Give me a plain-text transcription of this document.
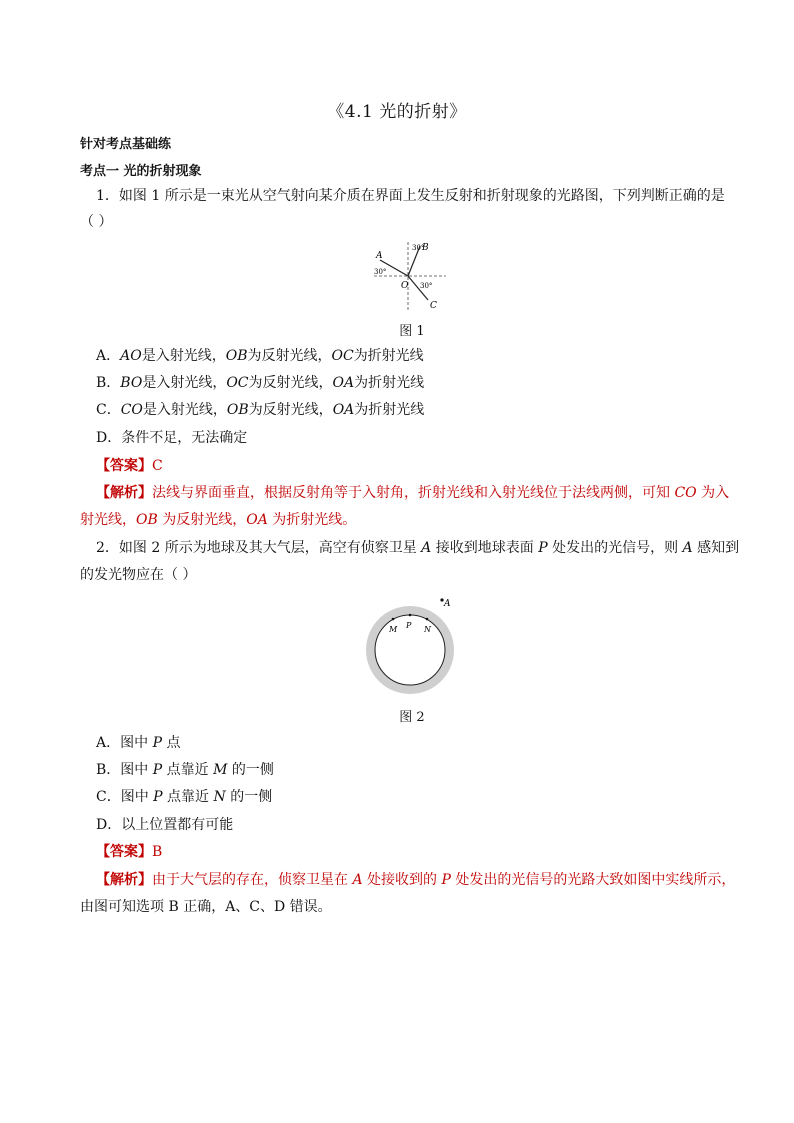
《4.1 光的折射》
针对考点基础练
考点一 光的折射现象
1．如图 1 所示是一束光从空气射向某介质在界面上发生反射和折射现象的光路图，下列判断正确的是
（ ）
A
B
C
O
30°
30°
30°
图 1
A．AO是入射光线，OB为反射光线，OC为折射光线
B．BO是入射光线，OC为反射光线，OA为折射光线
C．CO是入射光线，OB为反射光线，OA为折射光线
D．条件不足，无法确定
【答案】C
【解析】法线与界面垂直，根据反射角等于入射角，折射光线和入射光线位于法线两侧，可知 CO 为入
射光线，OB 为反射光线，OA 为折射光线。
2．如图 2 所示为地球及其大气层，高空有侦察卫星 A 接收到地球表面 P 处发出的光信号，则 A 感知到
的发光物应在（ ）
A
M P N
图 2
A．图中 P 点
B．图中 P 点靠近 M 的一侧
C．图中 P 点靠近 N 的一侧
D．以上位置都有可能
【答案】B
【解析】由于大气层的存在，侦察卫星在 A 处接收到的 P 处发出的光信号的光路大致如图中实线所示，
由图可知选项 B 正确，A、C、D 错误。
